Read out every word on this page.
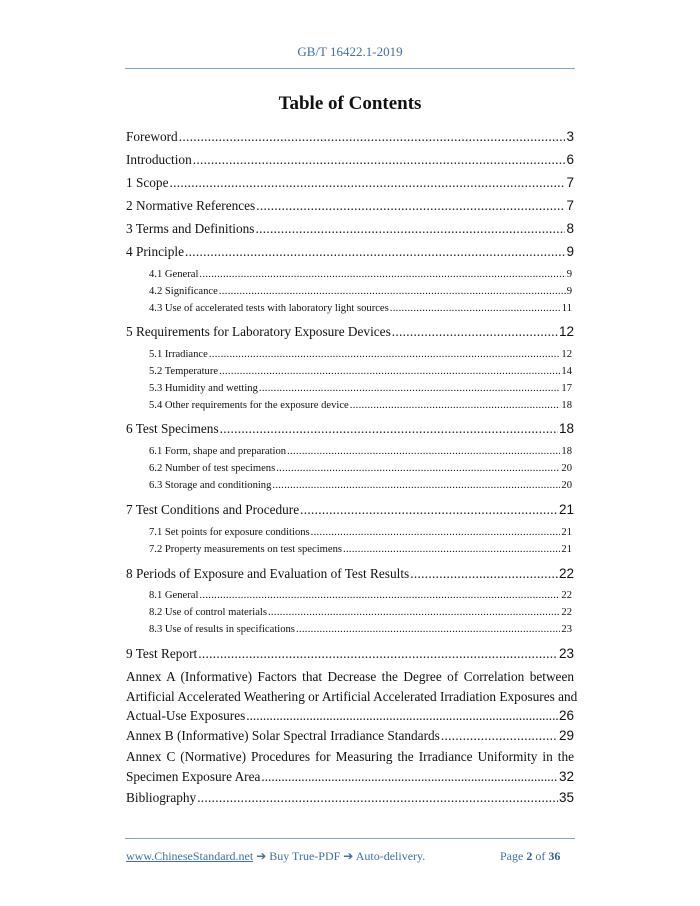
GB/T 16422.1-2019
Table of Contents
Foreword .....	3
Introduction .....	6
1 Scope .....	7
2 Normative References .....	7
3 Terms and Definitions .....	8
4 Principle .....	9
4.1 General .....	9
4.2 Significance .....	9
4.3 Use of accelerated tests with laboratory light sources .....	11
5 Requirements for Laboratory Exposure Devices .....	12
5.1 Irradiance .....	12
5.2 Temperature .....	14
5.3 Humidity and wetting .....	17
5.4 Other requirements for the exposure device .....	18
6 Test Specimens .....	18
6.1 Form, shape and preparation .....	18
6.2 Number of test specimens .....	20
6.3 Storage and conditioning .....	20
7 Test Conditions and Procedure .....	21
7.1 Set points for exposure conditions .....	21
7.2 Property measurements on test specimens .....	21
8 Periods of Exposure and Evaluation of Test Results .....	22
8.1 General .....	22
8.2 Use of control materials .....	22
8.3 Use of results in specifications .....	23
9 Test Report .....	23
Annex A (Informative) Factors that Decrease the Degree of Correlation between
Artificial Accelerated Weathering or Artificial Accelerated Irradiation Exposures and
Actual-Use Exposures .....	26
Annex B (Informative) Solar Spectral Irradiance Standards .....	29
Annex C (Normative) Procedures for Measuring the Irradiance Uniformity in the
Specimen Exposure Area .....	32
Bibliography .....	35
www.ChineseStandard.net ➔ Buy True-PDF ➔ Auto-delivery.	Page 2 of 36
